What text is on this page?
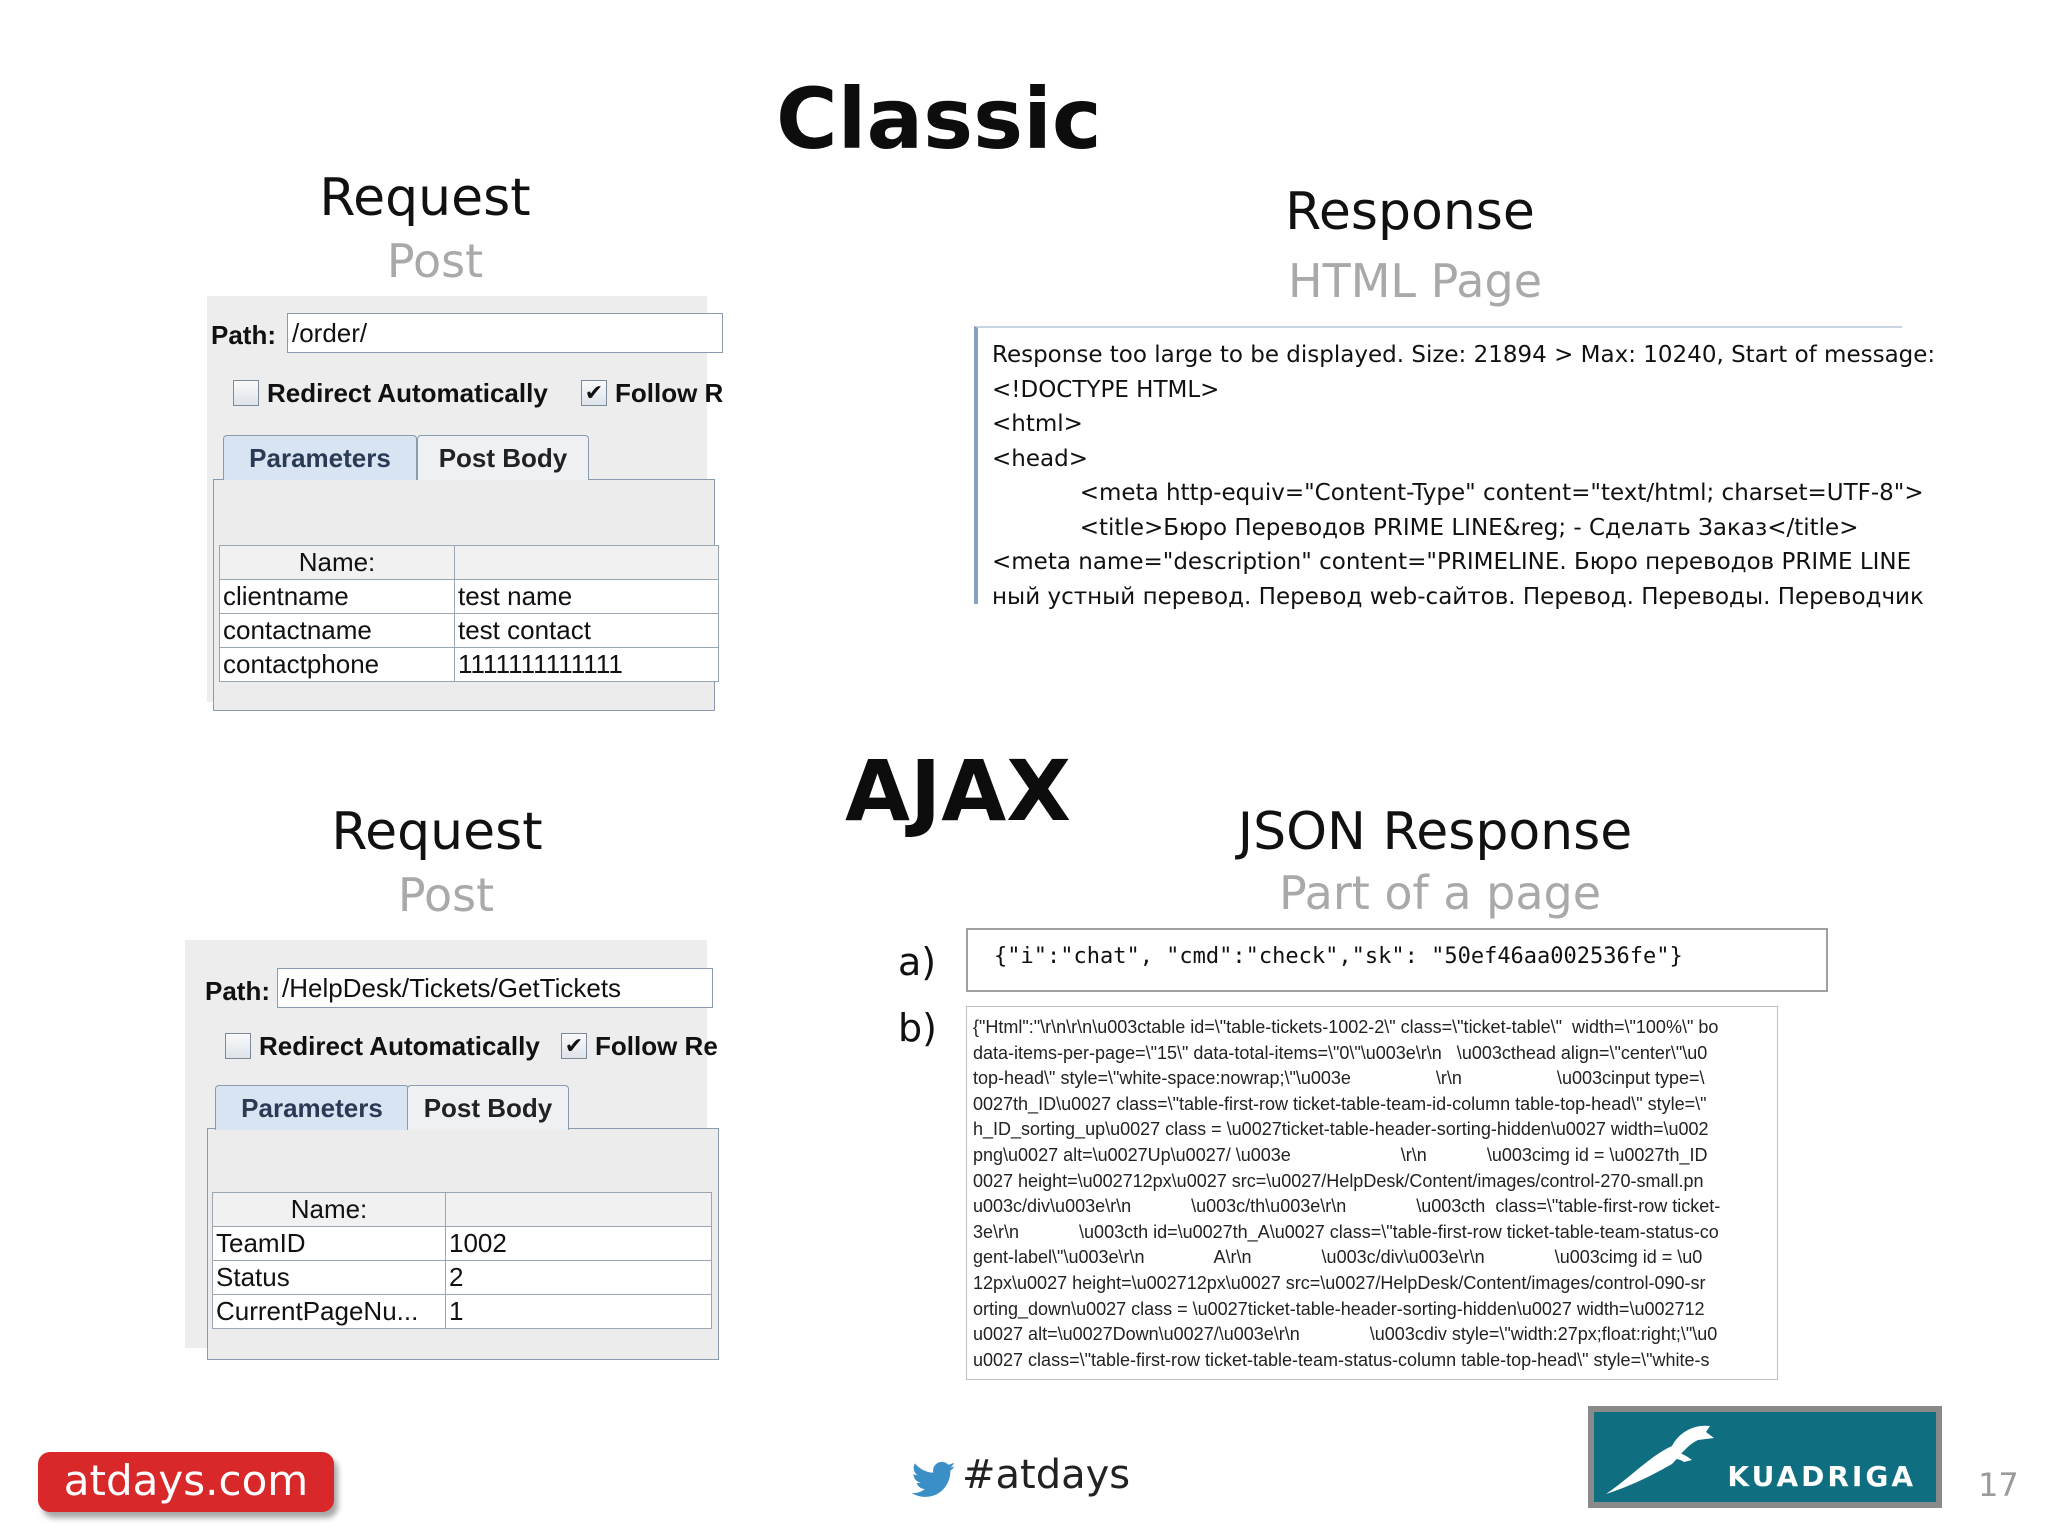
Classic
AJAX
Request
Post
Path: /order/
Redirect Automatically ✔ Follow R
Parameters	Post Body
Name:	
clientname	test name
contactname	test contact
contactphone	1111111111111
Response
HTML Page
Response too large to be displayed. Size: 21894 > Max: 10240, Start of message:
<!DOCTYPE HTML>
<html>
<head>
<meta http-equiv="Content-Type" content="text/html; charset=UTF-8">
<title>Бюро Переводов PRIME LINE&reg; - Сделать Заказ</title>
<meta name="description" content="PRIMELINE. Бюро переводов PRIME LINE
ный устный перевод. Перевод web-сайтов. Перевод. Переводы. Переводчик
Request
Post
Path: /HelpDesk/Tickets/GetTickets
Redirect Automatically ✔ Follow Re
Parameters	Post Body
Name:	
TeamID	1002
Status	2
CurrentPageNu...	1
JSON Response
Part of a page
a)	{"i":"chat", "cmd":"check","sk": "50ef46aa002536fe"}
b) {"Html":"\r\n\r\n\u003ctable id=\"table-tickets-1002-2\" class=\"ticket-table\"  width=\"100%\" bo
data-items-per-page=\"15\" data-total-items=\"0\"\u003e\r\n   \u003cthead align=\"center\"\u0
top-head\" style=\"white-space:nowrap;\"\u003e                 \r\n                   \u003cinput type=\
0027th_ID\u0027 class=\"table-first-row ticket-table-team-id-column table-top-head\" style=\"
h_ID_sorting_up\u0027 class = \u0027ticket-table-header-sorting-hidden\u0027 width=\u002
png\u0027 alt=\u0027Up\u0027/ \u003e                      \r\n            \u003cimg id = \u0027th_ID
0027 height=\u002712px\u0027 src=\u0027/HelpDesk/Content/images/control-270-small.pn
u003c/div\u003e\r\n            \u003c/th\u003e\r\n              \u003cth  class=\"table-first-row ticket-
3e\r\n            \u003cth id=\u0027th_A\u0027 class=\"table-first-row ticket-table-team-status-co
gent-label\"\u003e\r\n              A\r\n              \u003c/div\u003e\r\n              \u003cimg id = \u0
12px\u0027 height=\u002712px\u0027 src=\u0027/HelpDesk/Content/images/control-090-sr
orting_down\u0027 class = \u0027ticket-table-header-sorting-hidden\u0027 width=\u002712
u0027 alt=\u0027Down\u0027/\u003e\r\n              \u003cdiv style=\"width:27px;float:right;\"\u0
u0027 class=\"table-first-row ticket-table-team-status-column table-top-head\" style=\"white-s
atdays.com	#atdays	KUADRIGA 17
